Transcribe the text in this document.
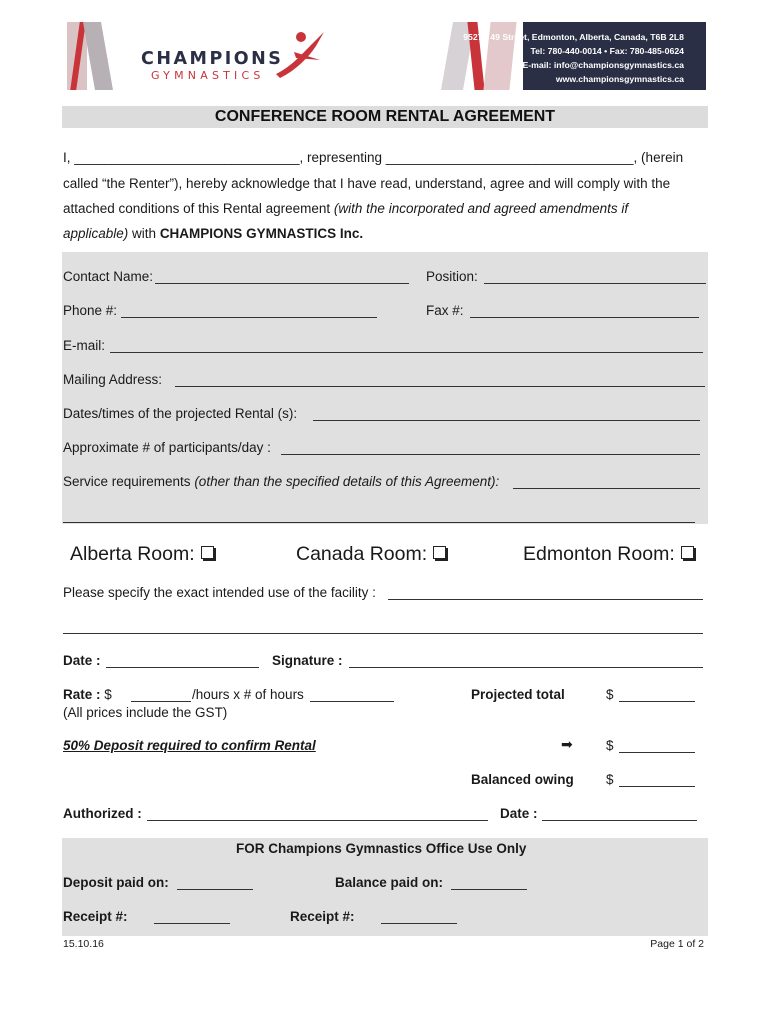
9527 - 49 Street, Edmonton, Alberta, Canada, T6B 2L8
Tel: 780-440-0014 • Fax: 780-485-0624
E-mail: info@championsgymnastics.ca
www.championsgymnastics.ca
CHAMPIONS
GYMNASTICS
CONFERENCE ROOM RENTAL AGREEMENT
I, ______________________________, representing _________________________________, (herein
called “the Renter”), hereby acknowledge that I have read, understand, agree and will comply with the
attached conditions of this Rental agreement (with the incorporated and agreed amendments if
applicable) with CHAMPIONS GYMNASTICS Inc.
Contact Name:	Position:
Phone #:	Fax #:
E-mail:
Mailing Address:
Dates/times of the projected Rental (s):
Approximate # of participants/day :
Service requirements (other than the specified details of this Agreement):
Alberta Room:	Canada Room:	Edmonton Room:
Please specify the exact intended use of the facility :
Date :	Signature :
Rate : $	/hours x # of hours
(All prices include the GST)
Projected total	$
50% Deposit required to confirm Rental	➡ $
Balanced owing $
Authorized :	Date :
FOR Champions Gymnastics Office Use Only
Deposit paid on:	Balance paid on:
Receipt #:	Receipt #:
15.10.16	Page 1 of 2
